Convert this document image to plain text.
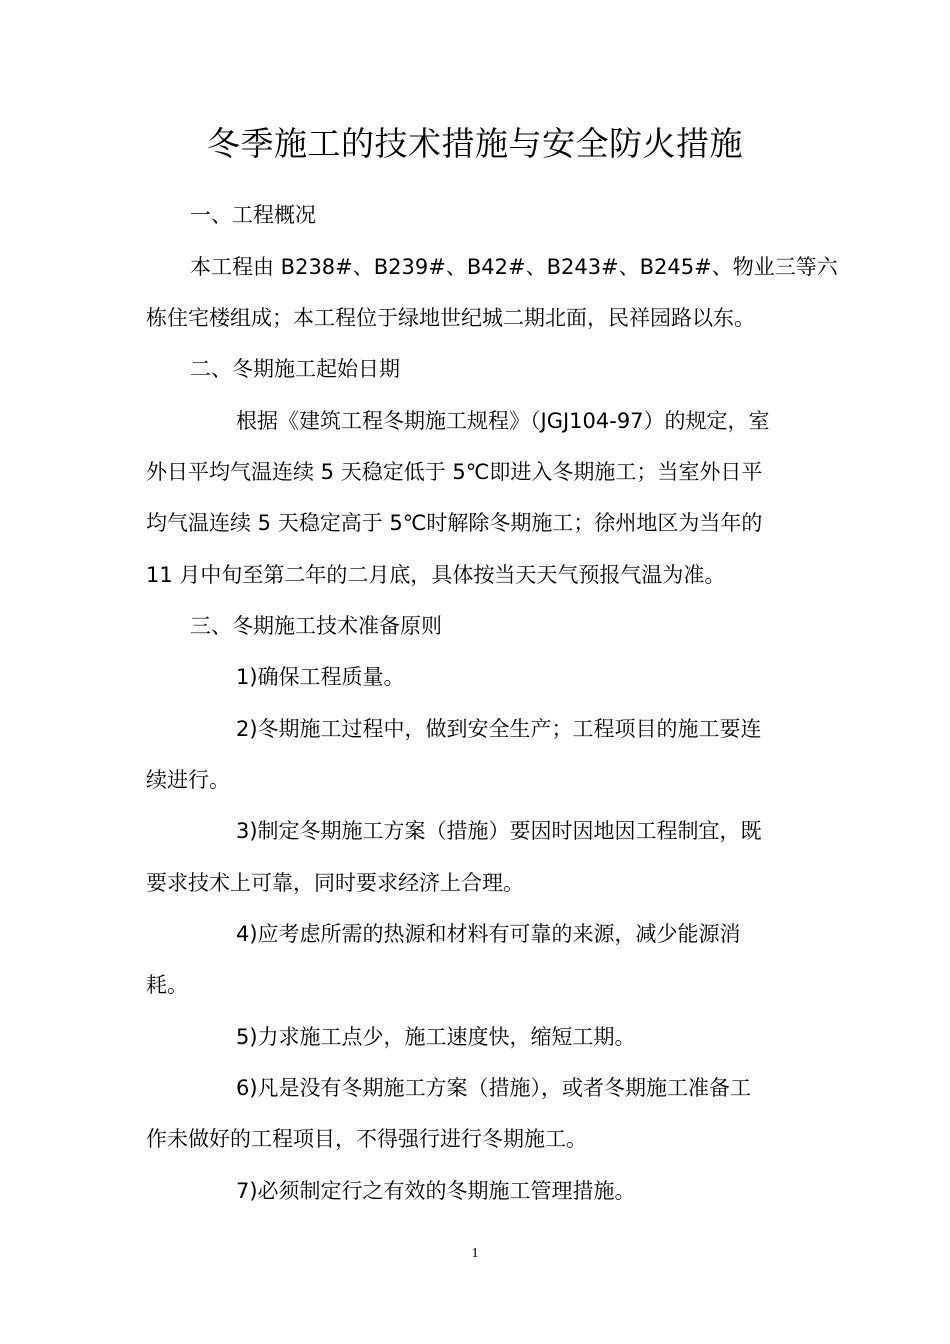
冬季施工的技术措施与安全防火措施
一、工程概况
本工程由 B238#、B239#、B42#、B243#、B245#、物业三等六
栋住宅楼组成；本工程位于绿地世纪城二期北面，民祥园路以东。
二、冬期施工起始日期
根据《建筑工程冬期施工规程》（JGJ104-97）的规定，室
外日平均气温连续 5 天稳定低于 5℃即进入冬期施工；当室外日平
均气温连续 5 天稳定高于 5℃时解除冬期施工；徐州地区为当年的
11 月中旬至第二年的二月底，具体按当天天气预报气温为准。
三、冬期施工技术准备原则
1)确保工程质量。
2)冬期施工过程中，做到安全生产；工程项目的施工要连
续进行。
3)制定冬期施工方案（措施）要因时因地因工程制宜，既
要求技术上可靠，同时要求经济上合理。
4)应考虑所需的热源和材料有可靠的来源，减少能源消
耗。
5)力求施工点少，施工速度快，缩短工期。
6)凡是没有冬期施工方案（措施），或者冬期施工准备工
作未做好的工程项目，不得强行进行冬期施工。
7)必须制定行之有效的冬期施工管理措施。
1
